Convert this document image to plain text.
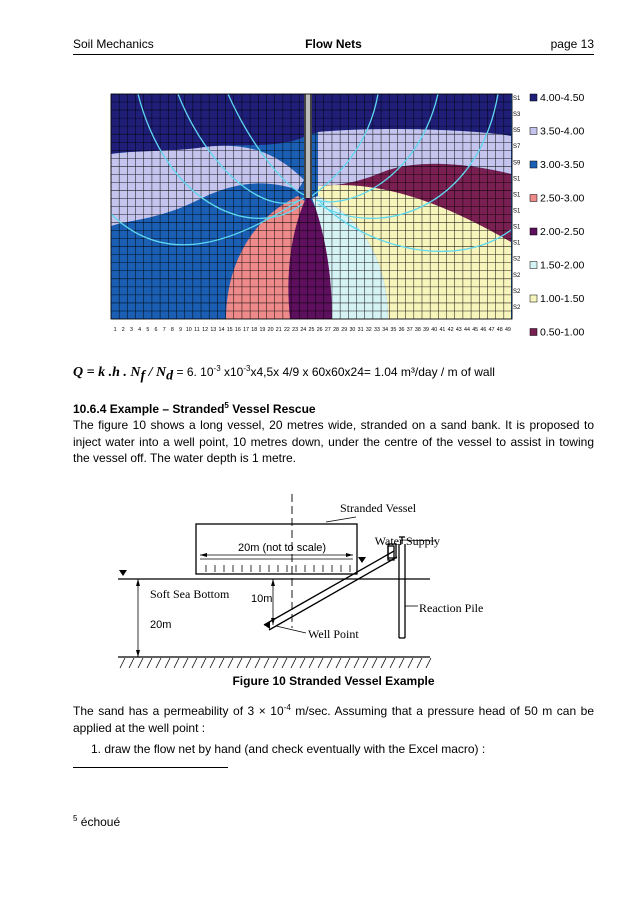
Soil Mechanics	Flow Nets	page 13
S1
S3
S5
S7
S9
S1
S1
S1
S1
S1
S2
S2
S2
S2
1 2 3 4 5 6 7 8 9 10 11 12 13 14 15 16 17 18 19 20 21 22 23 24 25 26 27 28 29 30 31 32 33 34 35 36 37 38 39 40 41 42 43 44 45 46 47 48 49
4.00-4.50
3.50-4.00
3.00-3.50
2.50-3.00
2.00-2.50
1.50-2.00
1.00-1.50
0.50-1.00
Q = k .h . $N_f / N_d = 6$. $10^{-3}$ $x10^{-3}x4,5x$ 4/9 x 60x60x24= 1.04 m³/day / m of wall
10.6.4 Example – Stranded$^5$ Vessel Rescue
The figure 10 shows a long vessel, 20 metres wide, stranded on a sand bank. It is proposed to inject water into a well point, 10 metres down, under the centre of the vessel to assist in towing the vessel off. The water depth is 1 metre.
Stranded Vessel
20m (not to scale)	Water Supply
Soft Sea Bottom 10m
Reaction Pile
20m
Well Point
Figure 10 Stranded Vessel Example
The sand has a permeability of $3 \times 10^{-4}$ m/sec. Assuming that a pressure head of 50 m can be applied at the well point :
1. draw the flow net by hand (and check eventually with the Excel macro) :
$^5$ échoué
